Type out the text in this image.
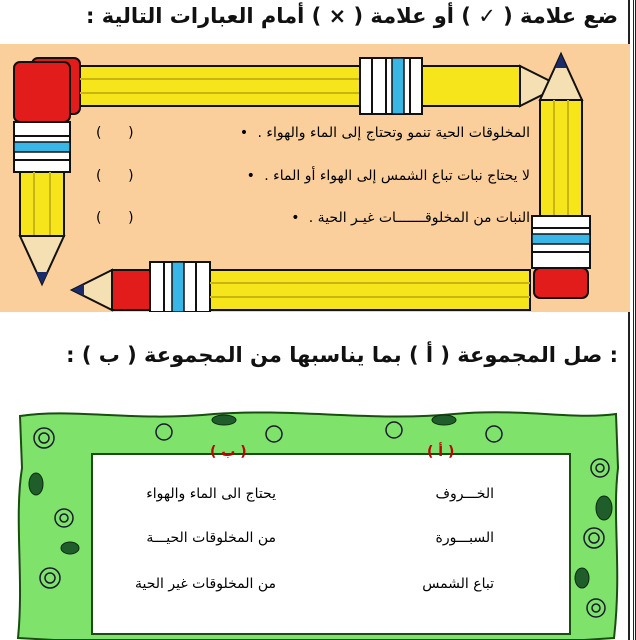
ضع علامة ( ✓ ) أو علامة ( × ) أمام العبارات التالية :
المخلوقات الحية تنمو وتحتاج إلى الماء والهواء . •
(      )
لا يحتاج نبات تباع الشمس إلى الهواء أو الماء . •
(      )
النبات من المخلوقـــــــات غيـر الحية . •
(      )
: صل المجموعة ( أ ) بما يناسبها من المجموعة ( ب ) :
( ب )	( أ )
يحتاج الى الماء والهواء
من المخلوقات الحيـــة
من المخلوقات غير الحية
الخـــروف
السبـــورة
تباع الشمس
